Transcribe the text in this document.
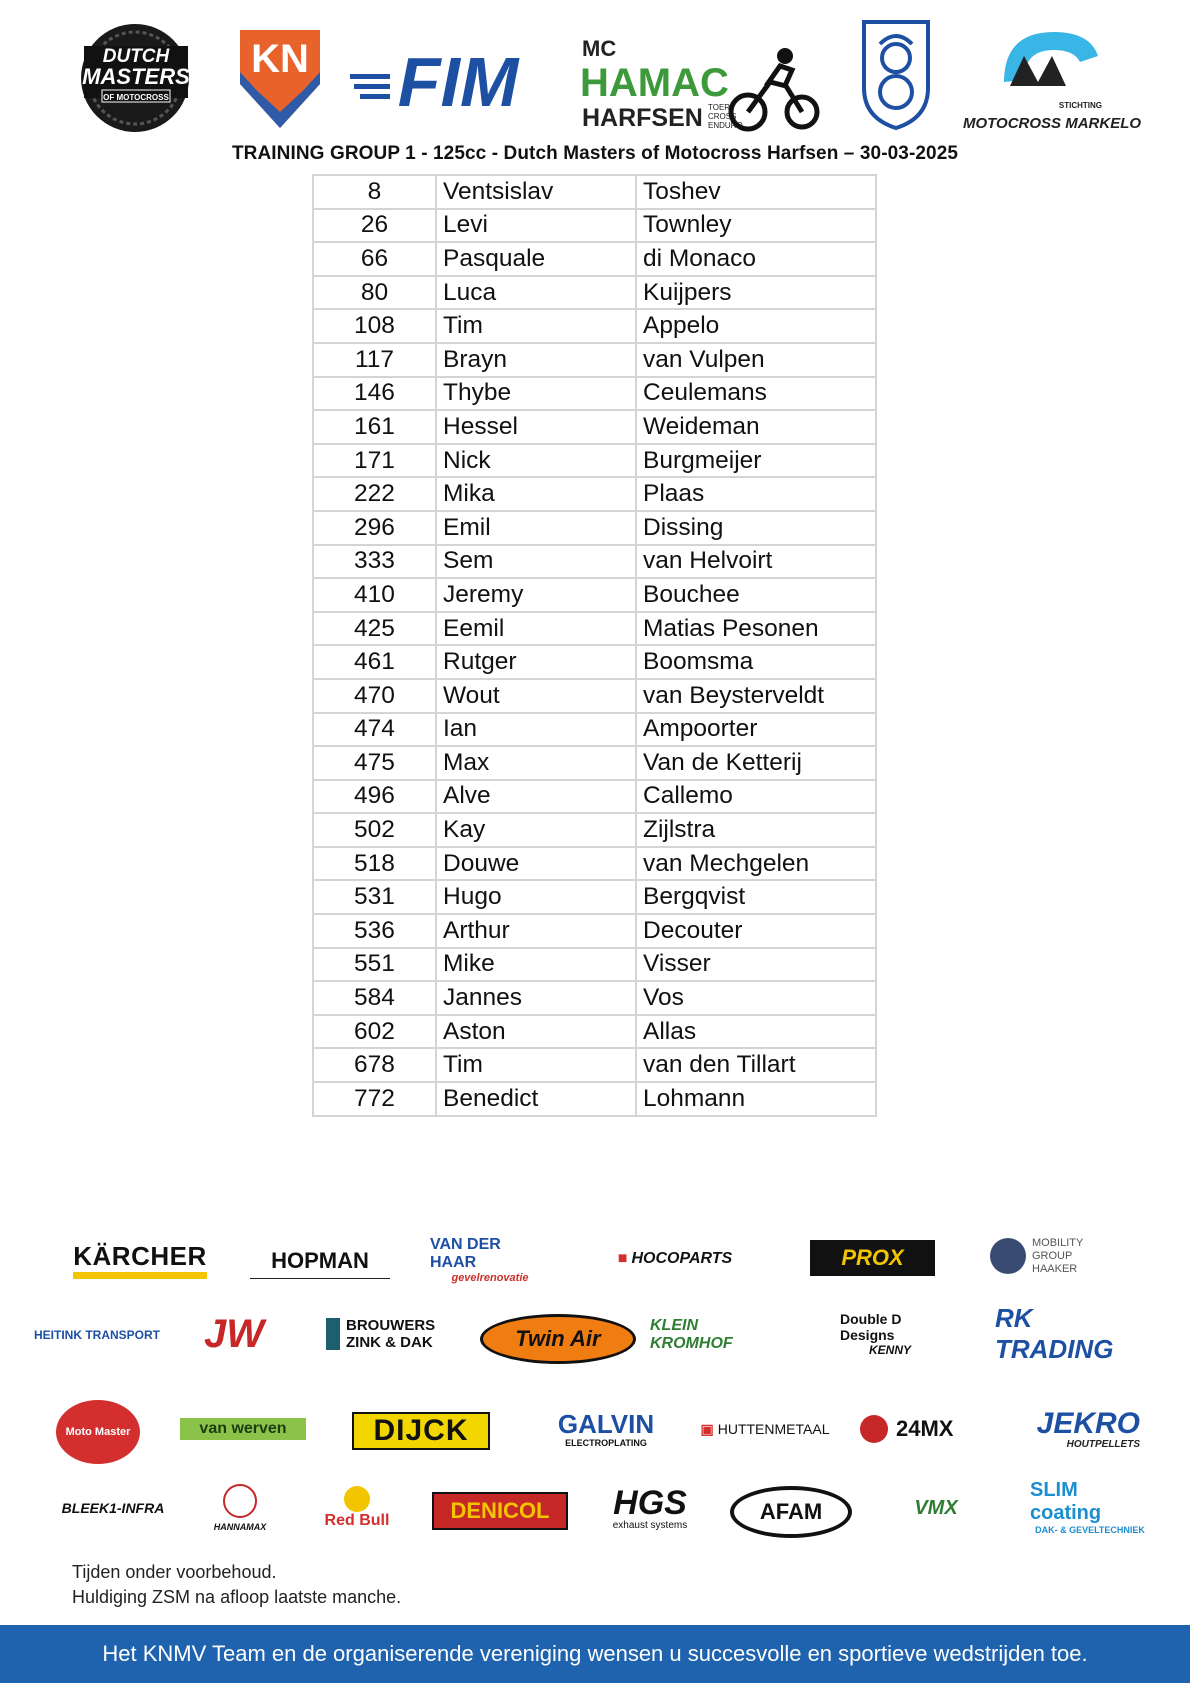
DUTCH
MASTERS
OF MOTOCROSS
KN FIM	MC
HAMAC
HARFSEN TOER
CROSS
ENDURO
STICHTING
MOTOCROSS MARKELO
TRAINING GROUP 1 - 125cc - Dutch Masters of Motocross Harfsen – 30-03-2025
8	Ventsislav	Toshev
26	Levi	Townley
66	Pasquale	di Monaco
80	Luca	Kuijpers
108	Tim	Appelo
117	Brayn	van Vulpen
146	Thybe	Ceulemans
161	Hessel	Weideman
171	Nick	Burgmeijer
222	Mika	Plaas
296	Emil	Dissing
333	Sem	van Helvoirt
410	Jeremy	Bouchee
425	Eemil	Matias Pesonen
461	Rutger	Boomsma
470	Wout	van Beysterveldt
474	Ian	Ampoorter
475	Max	Van de Ketterij
496	Alve	Callemo
502	Kay	Zijlstra
518	Douwe	van Mechgelen
531	Hugo	Bergqvist
536	Arthur	Decouter
551	Mike	Visser
584	Jannes	Vos
602	Aston	Allas
678	Tim	van den Tillart
772	Benedict	Lohmann
KÄRCHER	HOPMAN
VAN DER HAAR
gevelrenovatie
■ HOCOPARTS	PROX
MOBILITY GROUP HAAKER
HEITINK TRANSPORT JW	BROUWERS ZINK & DAK	Twin Air
KLEIN KROMHOF
Double D Designs
KENNY
RK TRADING
Moto Master	van werven	DIJCK	GALVIN
ELECTROPLATING
▣ HUTTENMETAAL	24MX	JEKRO
HOUTPELLETS
BLEEK1-INFRA
HANNAMAX	Red Bull	DENICOL HGS
exhaust systems
AFAM	VMX
SLIM coating
DAK- & GEVELTECHNIEK
Tijden onder voorbehoud.
Huldiging ZSM na afloop laatste manche.
Het KNMV Team en de organiserende vereniging wensen u succesvolle en sportieve wedstrijden toe.
